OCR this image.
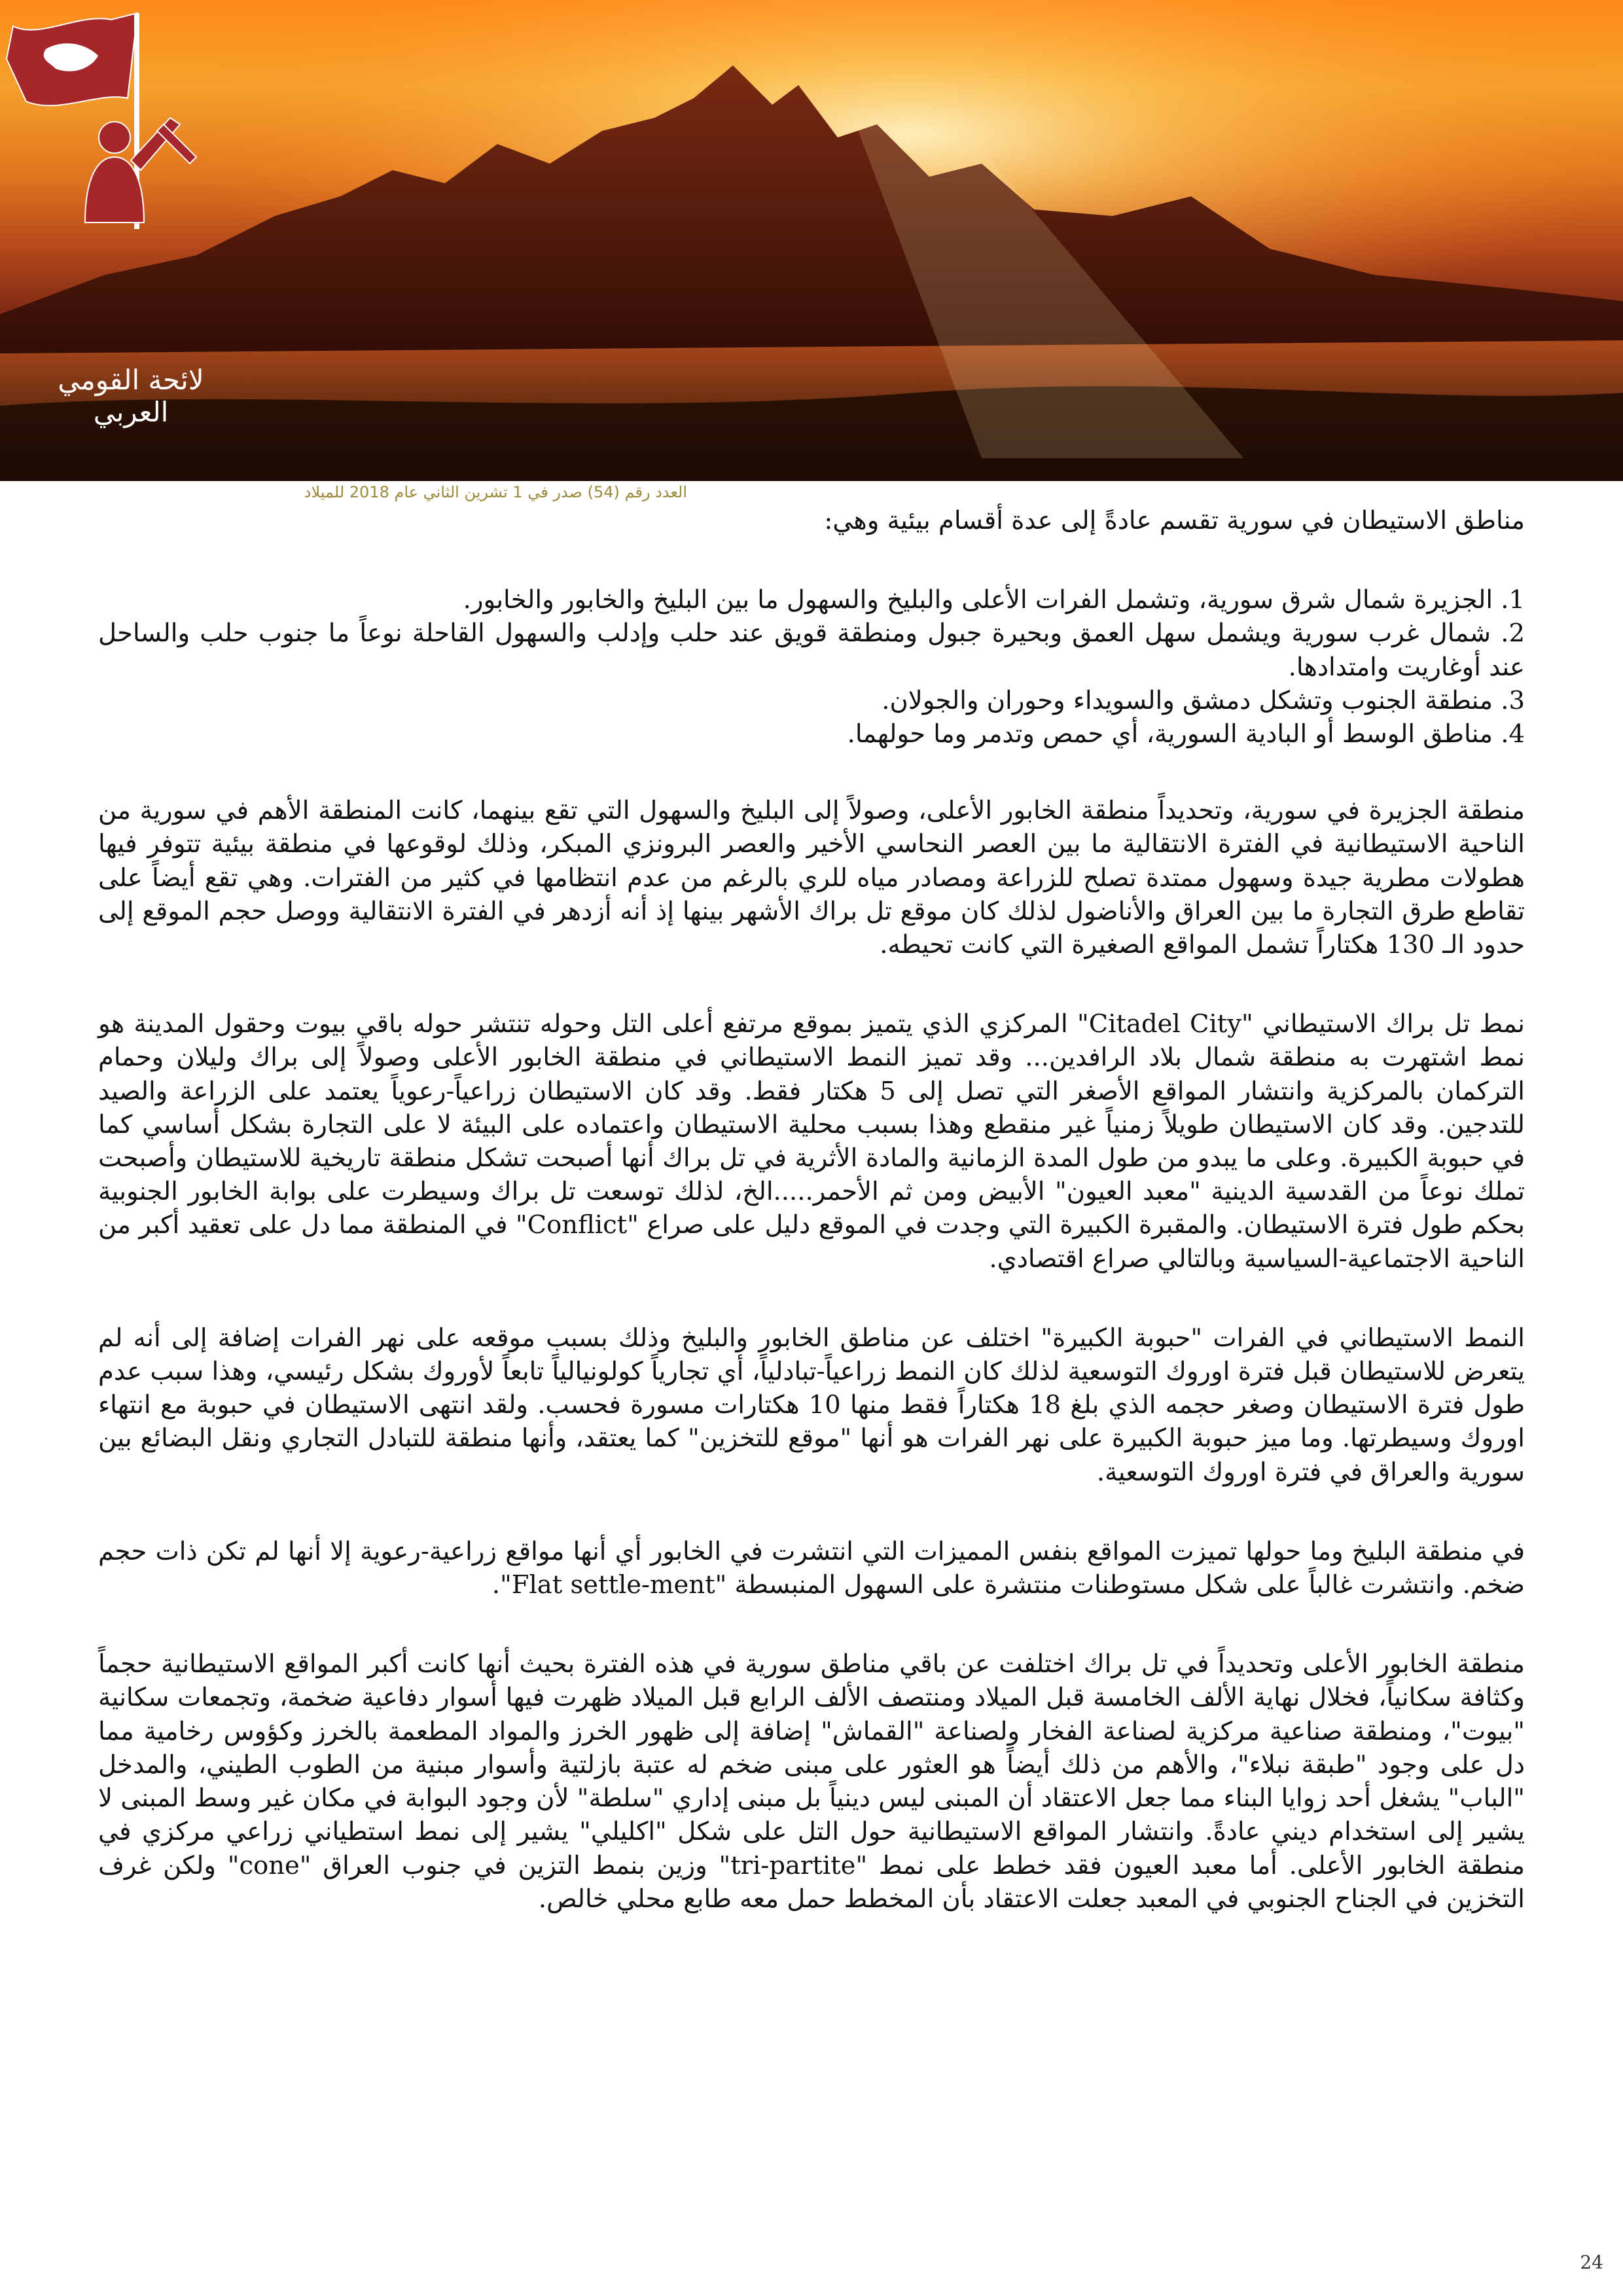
لائحة القومي العربي
العدد رقم (54) صدر في 1 تشرين الثاني عام 2018 للميلاد

مناطق الاستيطان في سورية تقسم عادةً إلى عدة أقسام بيئية وهي:

1. الجزيرة شمال شرق سورية، وتشمل الفرات الأعلى والبليخ والسهول ما بين البليخ والخابور والخابور.
2. شمال غرب سورية ويشمل سهل العمق وبحيرة جبول ومنطقة قويق عند حلب وإدلب والسهول القاحلة نوعاً ما جنوب حلب والساحل عند أوغاريت وامتدادها.
3. منطقة الجنوب وتشكل دمشق والسويداء وحوران والجولان.
4. مناطق الوسط أو البادية السورية، أي حمص وتدمر وما حولهما.

منطقة الجزيرة في سورية، وتحديداً منطقة الخابور الأعلى، وصولاً إلى البليخ والسهول التي تقع بينهما، كانت المنطقة الأهم في سورية من الناحية الاستيطانية في الفترة الانتقالية ما بين العصر النحاسي الأخير والعصر البرونزي المبكر، وذلك لوقوعها في منطقة بيئية تتوفر فيها هطولات مطرية جيدة وسهول ممتدة تصلح للزراعة ومصادر مياه للري بالرغم من عدم انتظامها في كثير من الفترات. وهي تقع أيضاً على تقاطع طرق التجارة ما بين العراق والأناضول لذلك كان موقع تل براك الأشهر بينها إذ أنه أزدهر في الفترة الانتقالية ووصل حجم الموقع إلى حدود الـ 130 هكتاراً تشمل المواقع الصغيرة التي كانت تحيطه.

نمط تل براك الاستيطاني "Citadel City" المركزي الذي يتميز بموقع مرتفع أعلى التل وحوله تنتشر حوله باقي بيوت وحقول المدينة هو نمط اشتهرت به منطقة شمال بلاد الرافدين... وقد تميز النمط الاستيطاني في منطقة الخابور الأعلى وصولاً إلى براك وليلان وحمام التركمان بالمركزية وانتشار المواقع الأصغر التي تصل إلى 5 هكتار فقط. وقد كان الاستيطان زراعياً-رعوياً يعتمد على الزراعة والصيد للتدجين. وقد كان الاستيطان طويلاً زمنياً غير منقطع وهذا بسبب محلية الاستيطان واعتماده على البيئة لا على التجارة بشكل أساسي كما في حبوبة الكبيرة. وعلى ما يبدو من طول المدة الزمانية والمادة الأثرية في تل براك أنها أصبحت تشكل منطقة تاريخية للاستيطان وأصبحت تملك نوعاً من القدسية الدينية "معبد العيون" الأبيض ومن ثم الأحمر.....الخ، لذلك توسعت تل براك وسيطرت على بوابة الخابور الجنوبية بحكم طول فترة الاستيطان. والمقبرة الكبيرة التي وجدت في الموقع دليل على صراع "Conflict" في المنطقة مما دل على تعقيد أكبر من الناحية الاجتماعية-السياسية وبالتالي صراع اقتصادي.

النمط الاستيطاني في الفرات "حبوبة الكبيرة" اختلف عن مناطق الخابور والبليخ وذلك بسبب موقعه على نهر الفرات إضافة إلى أنه لم يتعرض للاستيطان قبل فترة اوروك التوسعية لذلك كان النمط زراعياً-تبادلياً، أي تجارياً كولونيالياً تابعاً لأوروك بشكل رئيسي، وهذا سبب عدم طول فترة الاستيطان وصغر حجمه الذي بلغ 18 هكتاراً فقط منها 10 هكتارات مسورة فحسب. ولقد انتهى الاستيطان في حبوبة مع انتهاء اوروك وسيطرتها. وما ميز حبوبة الكبيرة على نهر الفرات هو أنها "موقع للتخزين" كما يعتقد، وأنها منطقة للتبادل التجاري ونقل البضائع بين سورية والعراق في فترة اوروك التوسعية.

في منطقة البليخ وما حولها تميزت المواقع بنفس المميزات التي انتشرت في الخابور أي أنها مواقع زراعية-رعوية إلا أنها لم تكن ذات حجم ضخم. وانتشرت غالباً على شكل مستوطنات منتشرة على السهول المنبسطة "Flat settle-ment".

منطقة الخابور الأعلى وتحديداً في تل براك اختلفت عن باقي مناطق سورية في هذه الفترة بحيث أنها كانت أكبر المواقع الاستيطانية حجماً وكثافة سكانياً، فخلال نهاية الألف الخامسة قبل الميلاد ومنتصف الألف الرابع قبل الميلاد ظهرت فيها أسوار دفاعية ضخمة، وتجمعات سكانية "بيوت"، ومنطقة صناعية مركزية لصناعة الفخار ولصناعة "القماش" إضافة إلى ظهور الخرز والمواد المطعمة بالخرز وكؤوس رخامية مما دل على وجود "طبقة نبلاء"، والأهم من ذلك أيضاً هو العثور على مبنى ضخم له عتبة بازلتية وأسوار مبنية من الطوب الطيني، والمدخل "الباب" يشغل أحد زوايا البناء مما جعل الاعتقاد أن المبنى ليس دينياً بل مبنى إداري "سلطة" لأن وجود البوابة في مكان غير وسط المبنى لا يشير إلى استخدام ديني عادةً. وانتشار المواقع الاستيطانية حول التل على شكل "اكليلي" يشير إلى نمط استطياني زراعي مركزي في منطقة الخابور الأعلى. أما معبد العيون فقد خطط على نمط "tri-partite" وزين بنمط التزين في جنوب العراق "cone" ولكن غرف التخزين في الجناح الجنوبي في المعبد جعلت الاعتقاد بأن المخطط حمل معه طابع محلي خالص.

24
